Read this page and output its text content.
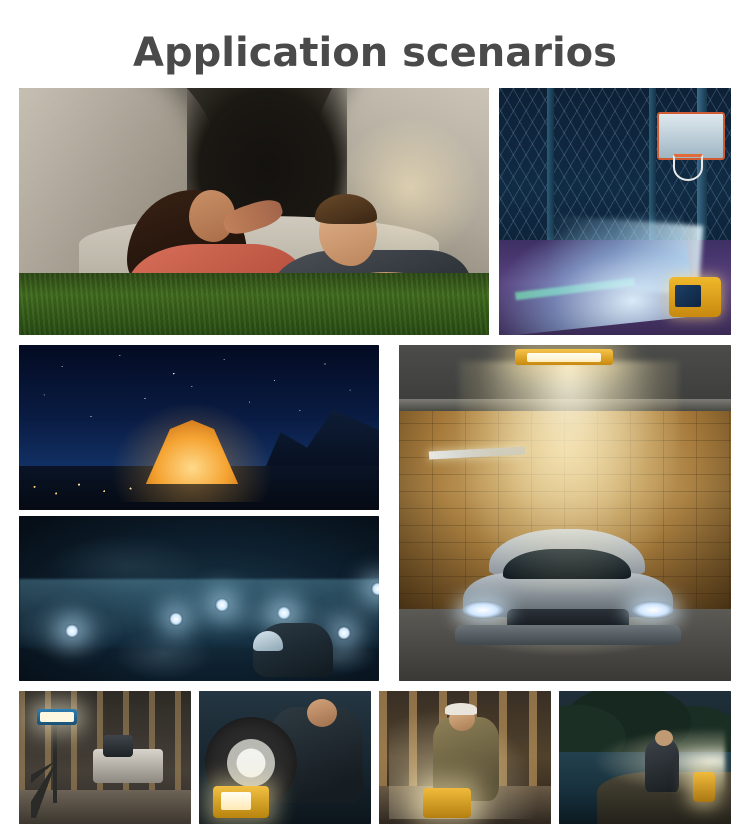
Application scenarios
